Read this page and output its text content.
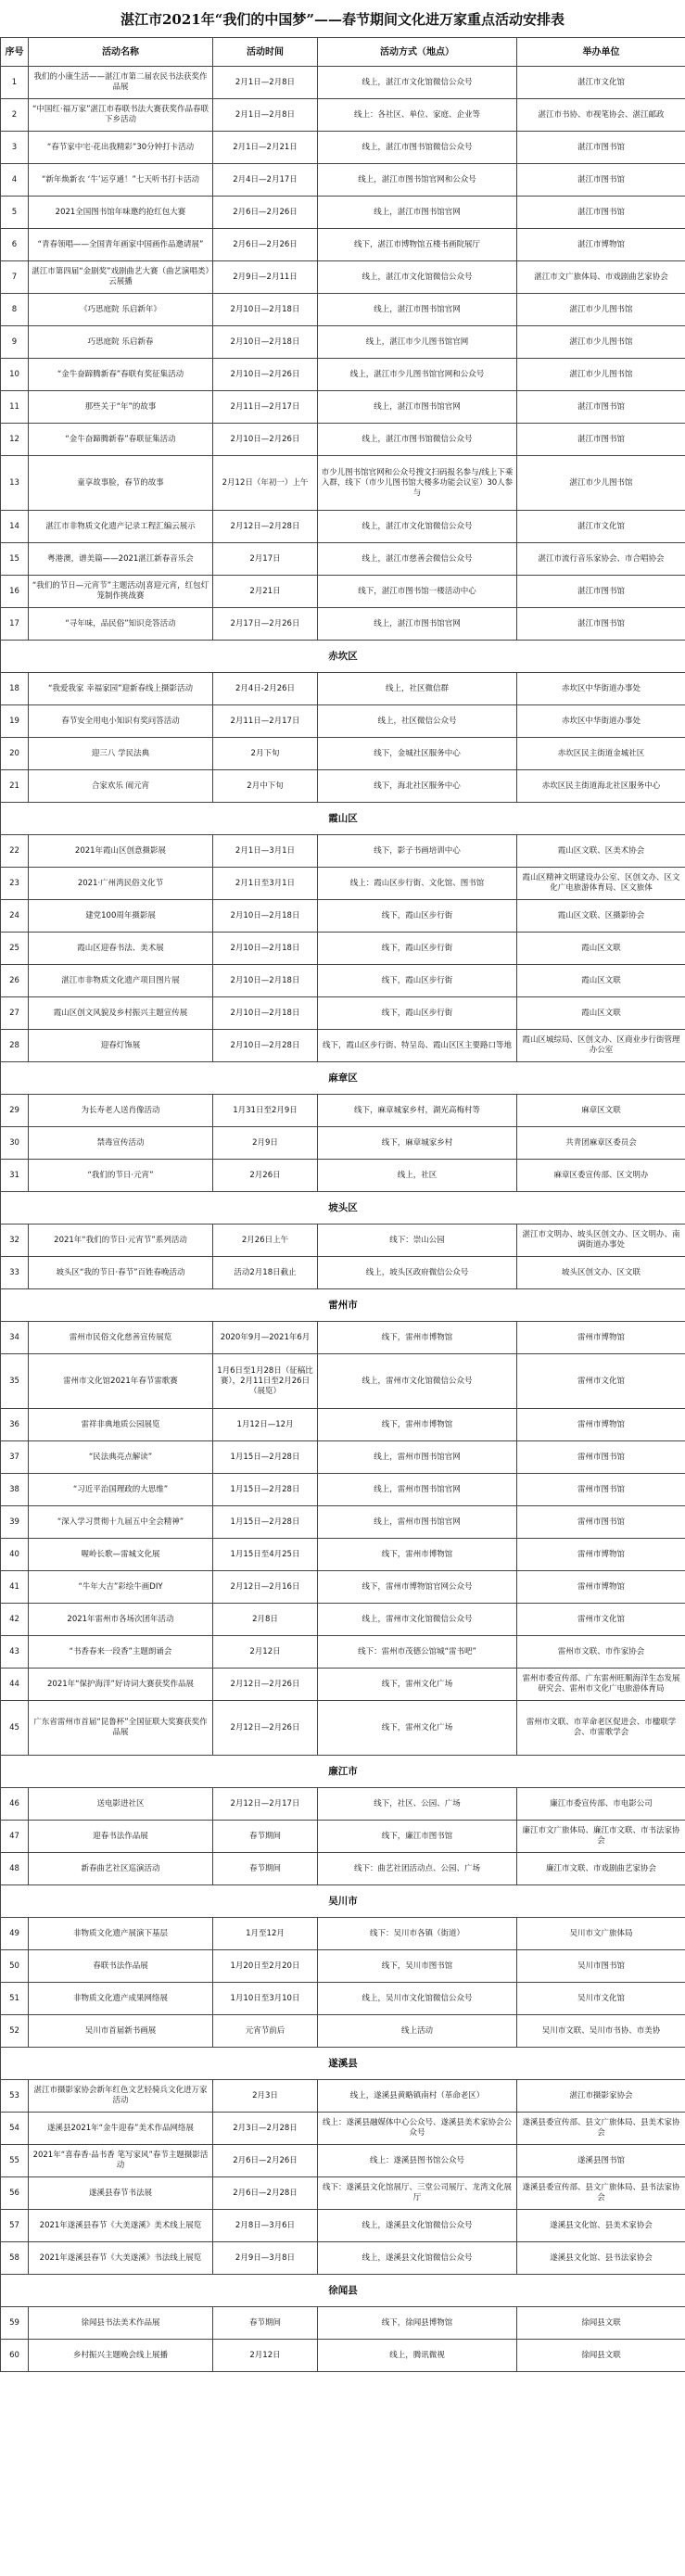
湛江市2021年“我们的中国梦”——春节期间文化进万家重点活动安排表
序号	活动名称	活动时间	活动方式（地点）	举办单位
1	我们的小康生活——湛江市第二届农民书法获奖作品展	2月1日—2月8日	线上，湛江市文化馆微信公众号	湛江市文化馆
2	“中国红·福万家”湛江市春联书法大赛获奖作品春联下乡活动	2月1日—2月8日	线上：各社区、单位、家庭、企业等	湛江市书协、市视笔协会、湛江邮政
3	“春节家中宅·花出我精彩”30分钟打卡活动	2月1日—2月21日	线上，湛江市图书馆微信公众号	湛江市图书馆
4	“新年焕新衣 ‘牛’运亨通！”七天听书打卡活动	2月4日—2月17日	线上，湛江市图书馆官网和公众号	湛江市图书馆
5	2021全国图书馆年味邀约抢红包大赛	2月6日—2月26日	线上，湛江市图书馆官网	湛江市图书馆
6	“青春领唱——全国青年画家中国画作品邀请展”	2月6日—2月26日	线下，湛江市博物馆五楼书画院展厅	湛江市博物馆
7	湛江市第四届“金剧奖”戏剧曲艺大赛（曲艺演唱类）云展播	2月9日—2月11日	线上，湛江市文化馆微信公众号	湛江市文广旅体局、市戏剧曲艺家协会
8	《巧思庭院 乐启新年》	2月10日—2月18日	线上，湛江市图书馆官网	湛江市少儿图书馆
9	巧思庭院 乐启新春	2月10日—2月18日	线上，湛江市少儿图书馆官网	湛江市少儿图书馆
10	“金牛奋蹄腾新春”春联有奖征集活动	2月10日—2月26日	线上，湛江市少儿图书馆官网和公众号	湛江市少儿图书馆
11	那些关于“年”的故事	2月11日—2月17日	线上，湛江市图书馆官网	湛江市图书馆
12	“金牛奋蹄腾新春”春联征集活动	2月10日—2月26日	线上，湛江市图书馆微信公众号	湛江市图书馆
13	童享故事脸，春节的故事	2月12日（年初一）上午	市少儿图书馆官网和公众号搜文扫码报名参与/线上下乘入群，线下（市少儿图书馆大楼多功能会议室）30人参与	湛江市少儿图书馆
14	湛江市非物质文化遗产记录工程汇编云展示	2月12日—2月28日	线上，湛江市文化馆微信公众号	湛江市文化馆
15	粤港澳，谱美篇——2021湛江新春音乐会	2月17日	线上，湛江市慈善会微信公众号	湛江市流行音乐家协会、市合唱协会
16	“我们的节日—元宵节”主题活动|喜迎元宵，红包灯笼制作挑战赛	2月21日	线下，湛江市图书馆一楼活动中心	湛江市图书馆
17	“寻年味，品民俗”知识竞答活动	2月17日—2月26日	线上，湛江市图书馆官网	湛江市图书馆
赤坎区				
18	“我爱我家 幸福家园”迎新春线上摄影活动	2月4日-2月26日	线上，社区微信群	赤坎区中华街道办事处
19	春节安全用电小知识有奖问答活动	2月11日—2月17日	线上，社区微信公众号	赤坎区中华街道办事处
20	迎三八 学民法典	2月下旬	线下，金城社区服务中心	赤坎区民主街道金城社区
21	合家欢乐 闹元宵	2月中下旬	线下，海北社区服务中心	赤坎区民主街道海北社区服务中心
霞山区				
22	2021年霞山区创意摄影展	2月1日—3月1日	线下，影子书画培训中心	霞山区文联、区美术协会
23	2021·广州湾民俗文化节	2月1日至3月1日	线上：霞山区步行街、文化馆、图书馆	霞山区精神文明建设办公室、区创文办、区文化广电旅游体育局、区文旅体
24	建党100周年摄影展	2月10日—2月18日	线下，霞山区步行街	霞山区文联、区摄影协会
25	霞山区迎春书法、美术展	2月10日—2月18日	线下，霞山区步行街	霞山区文联
26	湛江市非物质文化遗产项目图片展	2月10日—2月18日	线下，霞山区步行街	霞山区文联
27	霞山区创文风貌及乡村振兴主题宣传展	2月10日—2月18日	线下，霞山区步行街	霞山区文联
28	迎春灯饰展	2月10日—2月28日	线下，霞山区步行街、特呈岛、霞山区区主要路口等地	霞山区城综局、区创文办、区商业步行街管理办公室
麻章区				
29	为长寿老人送肖像活动	1月31日至2月9日	线下，麻章城家乡村，湖光高梅村等	麻章区文联
30	禁毒宣传活动	2月9日	线下，麻章城家乡村	共青团麻章区委员会
31	“我们的节日·元宵”	2月26日	线上，社区	麻章区委宣传部、区文明办
坡头区				
32	2021年“我们的节日·元宵节”系列活动	2月26日上午	线下：崇山公园	湛江市文明办、坡头区创文办、区文明办、南调街道办事处
33	坡头区“我的节日·春节”百姓春晚活动	活动2月18日截止	线上，坡头区政府微信公众号	坡头区创文办、区文联
雷州市				
34	雷州市民俗文化慈善宣传展览	2020年9月—2021年6月	线下，雷州市博物馆	雷州市博物馆
35	雷州市文化馆2021年春节雷歌赛	1月6日至1月28日（征稿比赛），2月11日至2月26日（展览）	线上，雷州市文化馆微信公众号	雷州市文化馆
36	雷祥非典地质公园展览	1月12日—12月	线下，雷州市博物馆	雷州市博物馆
37	“民法典亮点解读”	1月15日—2月28日	线上，雷州市图书馆官网	雷州市图书馆
38	“习近平治国理政的大思维”	1月15日—2月28日	线上，雷州市图书馆官网	雷州市图书馆
39	“深入学习贯彻十九届五中全会精神”	1月15日—2月28日	线上，雷州市图书馆官网	雷州市图书馆
40	喔岭长歌—雷城文化展	1月15日至4月25日	线下，雷州市博物馆	雷州市博物馆
41	“牛年大吉”彩绘牛画DIY	2月12日—2月16日	线下，雷州市博物馆官网公众号	雷州市博物馆
42	2021年雷州市各场次团年活动	2月8日	线上，雷州市文化馆微信公众号	雷州市文化馆
43	“书香春来一段香”主题朗诵会	2月12日	线下：雷州市茂德公馆城“雷书吧”	雷州市文联、市作家协会
44	2021年“保护海洋”好诗词大赛获奖作品展	2月12日—2月26日	线下，雷州文化广场	雷州市委宣传部、广东雷州旺顺海洋生态发展研究会、雷州市文化广电旅游体育局
45	广东省雷州市首届“昆鲁杯”全国征联大奖赛获奖作品展	2月12日—2月26日	线下，雷州文化广场	雷州市文联、市苹命老区促进会、市楹联学会、市雷歌学会
廉江市				
46	送电影进社区	2月12日—2月17日	线下，社区、公园、广场	廉江市委宣传部、市电影公司
47	迎春书法作品展	春节期间	线下，廉江市图书馆	廉江市文广旅体局、廉江市文联、市书法家协会
48	新春曲艺社区巡演活动	春节期间	线下：曲艺社团活动点、公园、广场	廉江市文联、市戏剧曲艺家协会
吴川市				
49	非物质文化遗产展演下基层	1月至12月	线下：吴川市各镇（街道）	吴川市文广旅体局
50	春联书法作品展	1月20日至2月20日	线下，吴川市图书馆	吴川市图书馆
51	非物质文化遗产成果网络展	1月10日至3月10日	线上，吴川市文化馆微信公众号	吴川市文化馆
52	吴川市首届新书画展	元宵节前后	线上活动	吴川市文联、吴川市书协、市美协
遂溪县				
53	湛江市摄影家协会新年红色文艺轻骑兵文化进万家活动	2月3日	线上，遂溪县黄略镇南村（革命老区）	湛江市摄影家协会
54	遂溪县2021年“金牛迎春”美术作品网络展	2月3日—2月28日	线上：遂溪县融媒体中心公众号、遂溪县美术家协会公众号	遂溪县委宣传部、县文广旅体局、县美术家协会
55	2021年“喜春香·品书香 笔写家风”春节主题摄影活动	2月6日—2月26日	线上：遂溪县图书馆公众号	遂溪县图书馆
56	遂溪县春节书法展	2月6日—2月28日	线下：遂溪县文化馆展厅、三堂公司展厅、龙湾文化展厅	遂溪县委宣传部、县文广旅体局、县书法家协会
57	2021年遂溪县春节《大美遂溪》美术线上展览	2月8日—3月6日	线上，遂溪县文化馆微信公众号	遂溪县文化馆、县美术家协会
58	2021年遂溪县春节《大美遂溪》书法线上展览	2月9日—3月8日	线上，遂溪县文化馆微信公众号	遂溪县文化馆、县书法家协会
徐闻县				
59	徐闻县书法美术作品展	春节期间	线下，徐闻县博物馆	徐闻县文联
60	乡村振兴主题晚会线上展播	2月12日	线上，腾讯微视	徐闻县文联
